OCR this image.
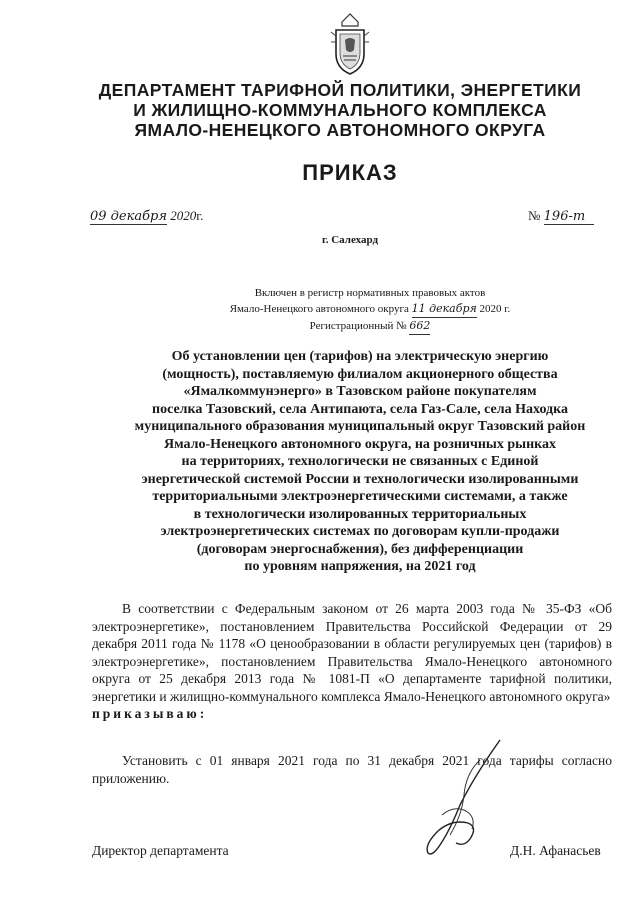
ДЕПАРТАМЕНТ ТАРИФНОЙ ПОЛИТИКИ, ЭНЕРГЕТИКИ
И ЖИЛИЩНО-КОММУНАЛЬНОГО КОМПЛЕКСА
ЯМАЛО-НЕНЕЦКОГО АВТОНОМНОГО ОКРУГА
ПРИКАЗ
09 декабря 2020г.	№ 196-т
г. Салехард
Включен в регистр нормативных правовых актов
Ямало-Ненецкого автономного округа 11 декабря 2020 г.
Регистрационный № 662
Об установлении цен (тарифов) на электрическую энергию
(мощность), поставляемую филиалом акционерного общества
«Ямалкоммунэнерго» в Тазовском районе покупателям
поселка Тазовский, села Антипаюта, села Газ-Сале, села Находка
муниципального образования муниципальный округ Тазовский район
Ямало-Ненецкого автономного округа, на розничных рынках
на территориях, технологически не связанных с Единой
энергетической системой России и технологически изолированными
территориальными электроэнергетическими системами, а также
в технологически изолированных территориальных
электроэнергетических системах по договорам купли-продажи
(договорам энергоснабжения), без дифференциации
по уровням напряжения, на 2021 год

В соответствии с Федеральным законом от 26 марта 2003 года № 35-ФЗ «Об электроэнергетике», постановлением Правительства Российской Федерации от 29 декабря 2011 года № 1178 «О ценообразовании в области регулируемых цен (тарифов) в электроэнергетике», постановлением Правительства Ямало-Ненецкого автономного округа от 25 декабря 2013 года № 1081-П «О департаменте тарифной политики, энергетики и жилищно-коммунального комплекса Ямало-Ненецкого автономного округа»

приказываю:

Установить с 01 января 2021 года по 31 декабря 2021 года тарифы согласно приложению.

Директор департамента	Д.Н. Афанасьев
